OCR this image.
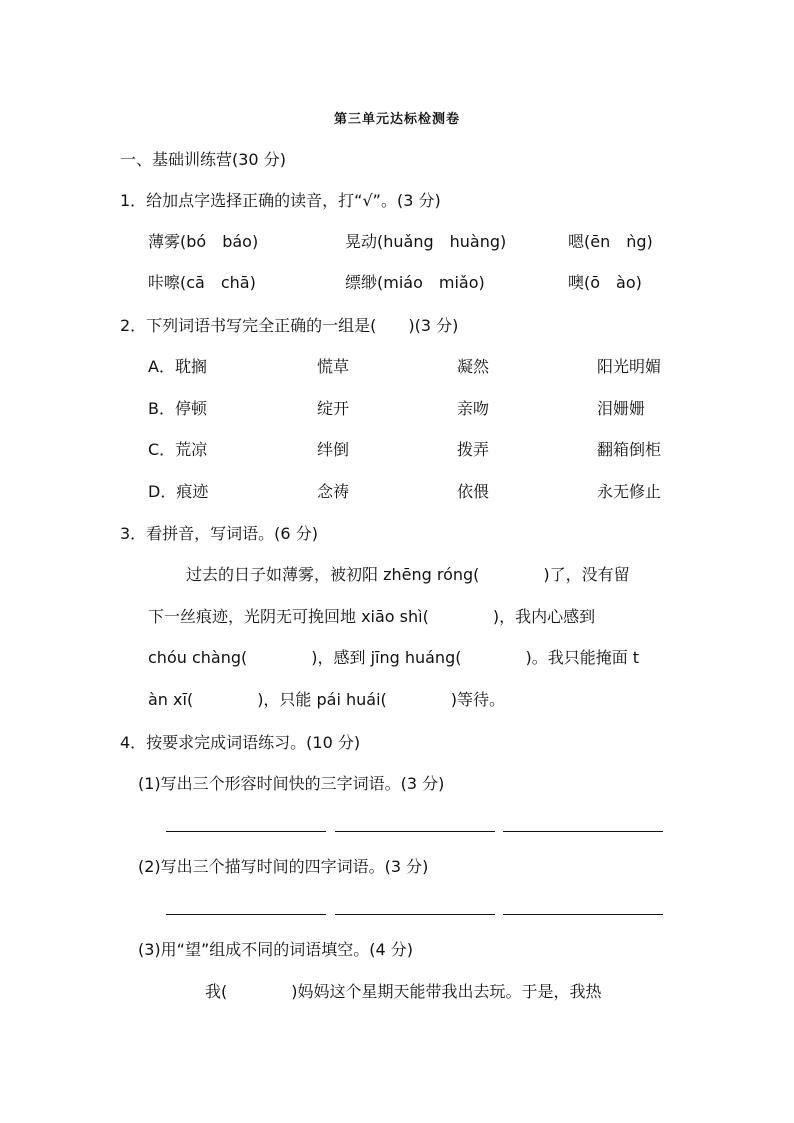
第三单元达标检测卷
一、基础训练营(30 分)
1．给加点字选择正确的读音，打“√”。(3 分)
薄雾(bó　báo)	晃动(huǎng　huàng)	嗯(ēn　ǹg)
咔嚓(cā　chā)	缥缈(miáo　miǎo)	噢(ō　ào)
2．下列词语书写完全正确的一组是(　　)(3 分)
A．耽搁	慌草	凝然	阳光明媚
B．停顿	绽开	亲吻	泪姗姗
C．荒凉	绊倒	拨弄	翻箱倒柜
D．痕迹	念祷	依偎	永无修止
3．看拼音，写词语。(6 分)
过去的日子如薄雾，被初阳 zhēng róng(　　　　)了，没有留
下一丝痕迹，光阴无可挽回地 xiāo shì(　　　　)，我内心感到
chóu chàng(　　　　)，感到 jīng huáng(　　　　)。我只能掩面 t
àn xī(　　　　)，只能 pái huái(　　　　)等待。
4．按要求完成词语练习。(10 分)
(1)写出三个形容时间快的三字词语。(3 分)
(2)写出三个描写时间的四字词语。(3 分)
(3)用“望”组成不同的词语填空。(4 分)
我(　　　　)妈妈这个星期天能带我出去玩。于是，我热
